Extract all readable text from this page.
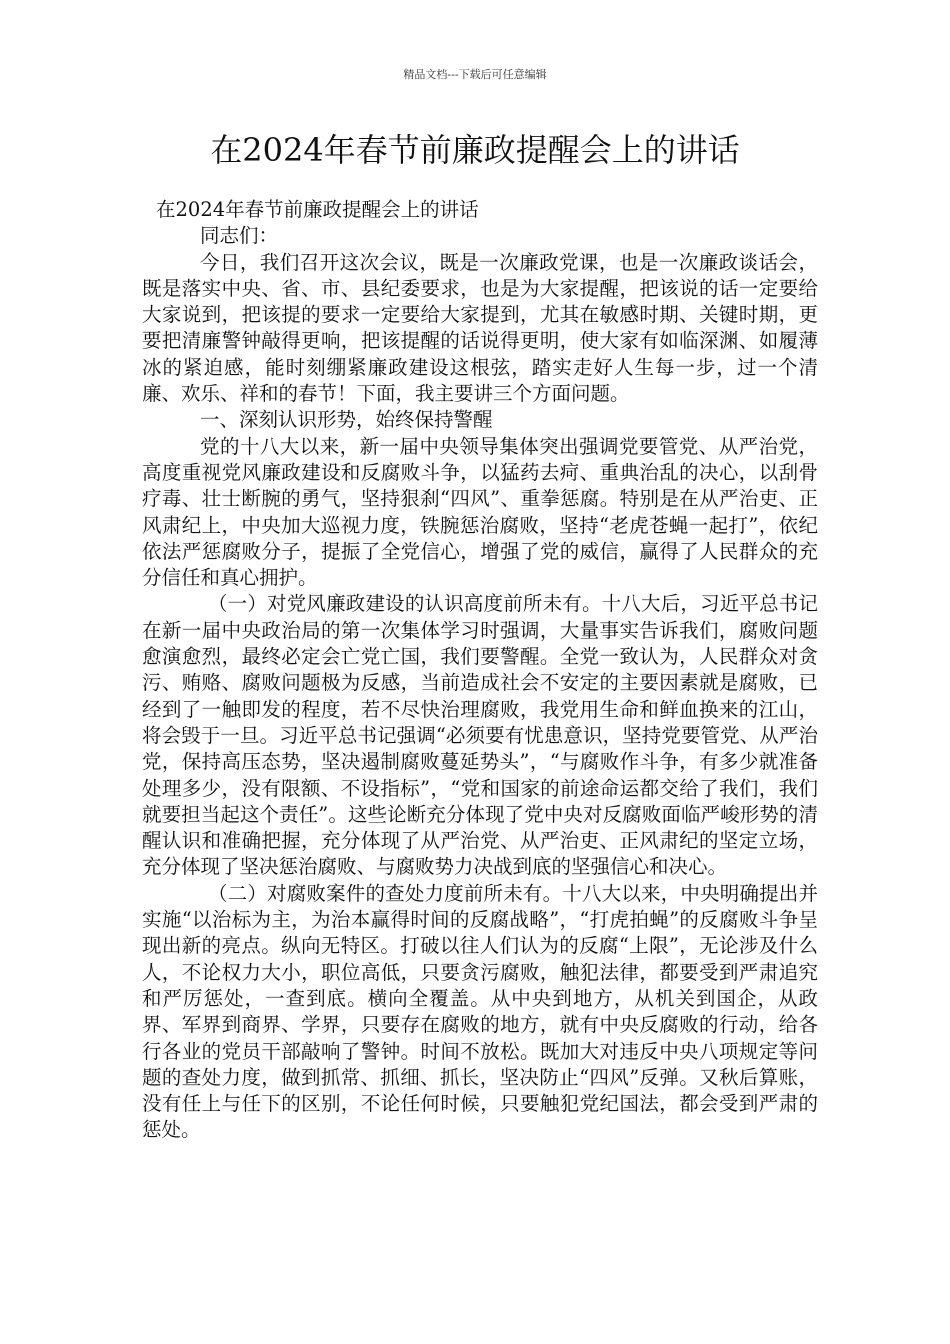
精品文档---下载后可任意编辑
在2024年春节前廉政提醒会上的讲话

在2024年春节前廉政提醒会上的讲话

同志们：

今日，我们召开这次会议，既是一次廉政党课，也是一次廉政谈话会，既是落实中央、省、市、县纪委要求，也是为大家提醒，把该说的话一定要给大家说到，把该提的要求一定要给大家提到，尤其在敏感时期、关键时期，更要把清廉警钟敲得更响，把该提醒的话说得更明，使大家有如临深渊、如履薄冰的紧迫感，能时刻绷紧廉政建设这根弦，踏实走好人生每一步，过一个清廉、欢乐、祥和的春节！下面，我主要讲三个方面问题。

一、深刻认识形势，始终保持警醒

党的十八大以来，新一届中央领导集体突出强调党要管党、从严治党，高度重视党风廉政建设和反腐败斗争，以猛药去疴、重典治乱的决心，以刮骨疗毒、壮士断腕的勇气，坚持狠刹“四风”、重拳惩腐。特别是在从严治吏、正风肃纪上，中央加大巡视力度，铁腕惩治腐败，坚持“老虎苍蝇一起打”，依纪依法严惩腐败分子，提振了全党信心，增强了党的威信，赢得了人民群众的充分信任和真心拥护。

（一）对党风廉政建设的认识高度前所未有。十八大后，习近平总书记在新一届中央政治局的第一次集体学习时强调，大量事实告诉我们，腐败问题愈演愈烈，最终必定会亡党亡国，我们要警醒。全党一致认为，人民群众对贪污、贿赂、腐败问题极为反感，当前造成社会不安定的主要因素就是腐败，已经到了一触即发的程度，若不尽快治理腐败，我党用生命和鲜血换来的江山，将会毁于一旦。习近平总书记强调“必须要有忧患意识，坚持党要管党、从严治党，保持高压态势，坚决遏制腐败蔓延势头”，“与腐败作斗争，有多少就准备处理多少，没有限额、不设指标”，“党和国家的前途命运都交给了我们，我们就要担当起这个责任”。这些论断充分体现了党中央对反腐败面临严峻形势的清醒认识和准确把握，充分体现了从严治党、从严治吏、正风肃纪的坚定立场，充分体现了坚决惩治腐败、与腐败势力决战到底的坚强信心和决心。

（二）对腐败案件的查处力度前所未有。十八大以来，中央明确提出并实施“以治标为主，为治本赢得时间的反腐战略”，“打虎拍蝇”的反腐败斗争呈现出新的亮点。纵向无特区。打破以往人们认为的反腐“上限”，无论涉及什么人，不论权力大小，职位高低，只要贪污腐败，触犯法律，都要受到严肃追究和严厉惩处，一查到底。横向全覆盖。从中央到地方，从机关到国企，从政界、军界到商界、学界，只要存在腐败的地方，就有中央反腐败的行动，给各行各业的党员干部敲响了警钟。时间不放松。既加大对违反中央八项规定等问题的查处力度，做到抓常、抓细、抓长，坚决防止“四风”反弹。又秋后算账，没有任上与任下的区别，不论任何时候，只要触犯党纪国法，都会受到严肃的惩处。
